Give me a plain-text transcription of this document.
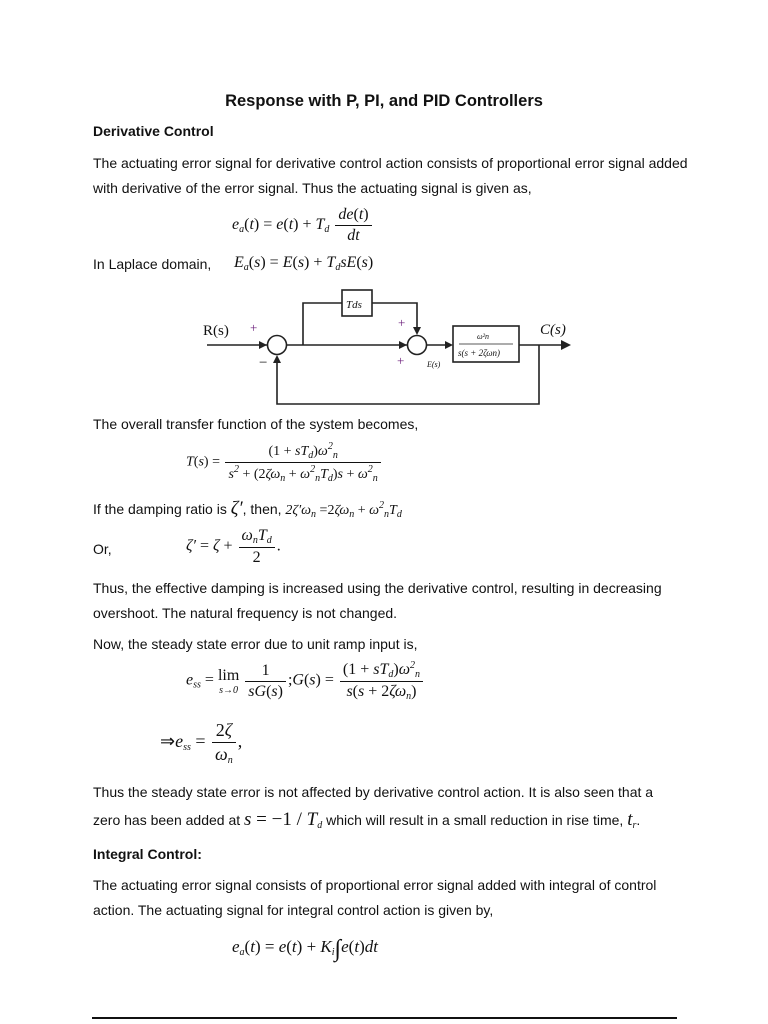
Response with P, PI, and PID Controllers
Derivative Control
The actuating error signal for derivative control action consists of proportional error signal added with derivative of the error signal. Thus the actuating signal is given as,
$e_a(t) = e(t) + T_d \frac{de(t)}{dt}$
In Laplace domain,	$E_a(s) = E(s) + T_dsE(s)$
R(s) +
−
+
+	E(s)
Tds
ω²n
s(s + 2ζωn)
C(s)
The overall transfer function of the system becomes,
$T(s) = \frac{(1 + sT_d)\omega^2_n}{s^2 + (2\zeta\omega_n + \omega^2_nT_d)s + \omega^2_n}$
If the damping ratio is ζ′, then, $2\zeta'\omega_n =2\zeta\omega_n + \omega^2_nT_d$
Or,	$\zeta' = \zeta + \frac{\omega_nT_d}{2}$ .
Thus, the effective damping is increased using the derivative control, resulting in decreasing overshoot. The natural frequency is not changed.
Now, the steady state error due to unit ramp input is,
$e_{ss} = \lim$
s→0
$\frac{1}{sG(s)}$ ;G(s) = $\frac{(1 + sT_d)\omega^2_n}{s(s + 2\zeta\omega_n)}$
$\Rightarrow e_{ss} = \frac{2\zeta}{\omega_n}$ ,
Thus the steady state error is not affected by derivative control action. It is also seen that a
zero has been added at $s = -1 / T_d$ which will result in a small reduction in rise time, $t_r$.
Integral Control:
The actuating error signal consists of proportional error signal added with integral of control action. The actuating signal for integral control action is given by,
$e_a(t) = e(t) + K_i\int e(t)dt$
